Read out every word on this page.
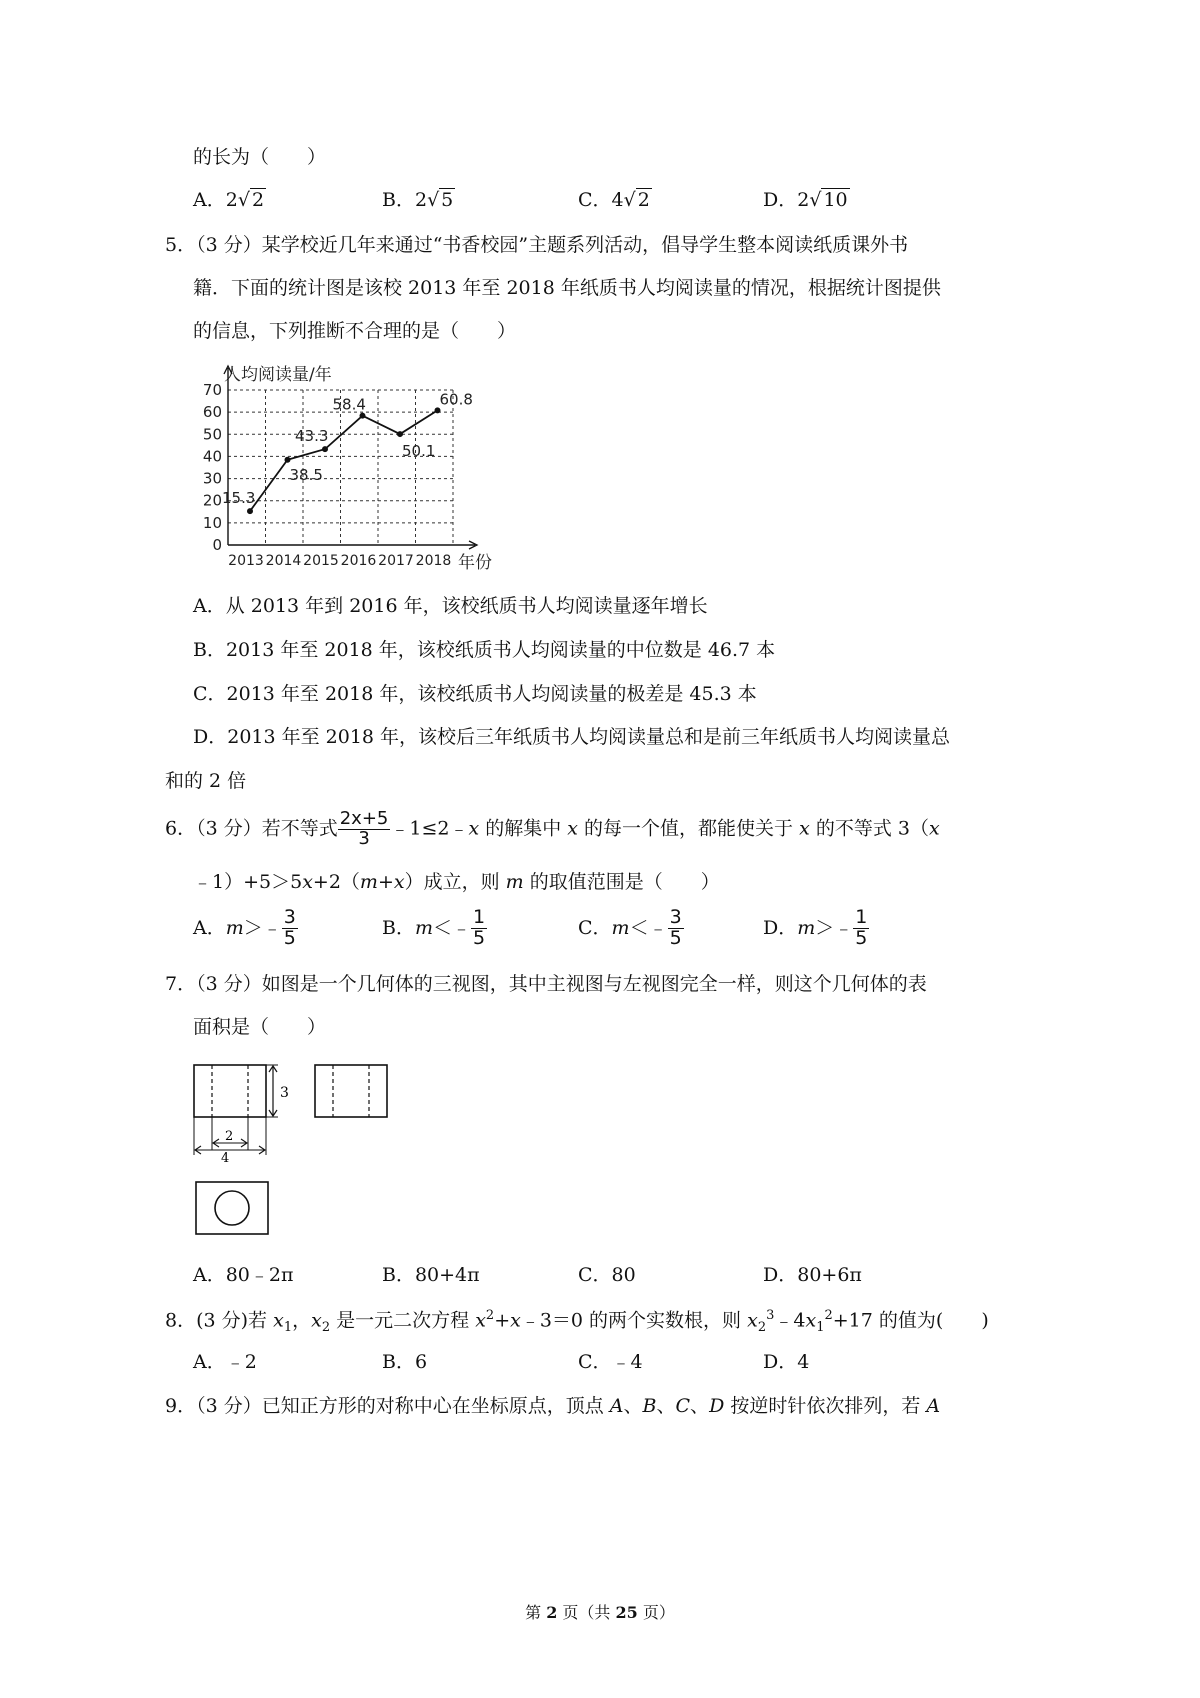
的长为（　　）
A．2√ 2	B．2√ 5	C．4√ 2	D．2√ 10
5．（3 分）某学校近几年来通过“书香校园”主题系列活动，倡导学生整本阅读纸质课外书
籍．下面的统计图是该校 2013 年至 2018 年纸质书人均阅读量的情况，根据统计图提供
的信息，下列推断不合理的是（　　）
人均阅读量/年
年份
0
10
20
30
40
50
60
70
2013 2014 2015 2016 2017 2018
15.3
38.5
43.3
58.4
50.1
60.8
A．从 2013 年到 2016 年，该校纸质书人均阅读量逐年增长
B．2013 年至 2018 年，该校纸质书人均阅读量的中位数是 46.7 本
C．2013 年至 2018 年，该校纸质书人均阅读量的极差是 45.3 本
D．2013 年至 2018 年，该校后三年纸质书人均阅读量总和是前三年纸质书人均阅读量总
和的 2 倍
6．（3 分）若不等式 $\frac{2x+5}{3}$ ﹣1≤2﹣x 的解集中 x 的每一个值，都能使关于 x 的不等式 3（x
﹣1）+5＞5x+2（m+x）成立，则 m 的取值范围是（　　）
A．m＞﹣ $\frac{3}{5}$	B．m＜﹣ $\frac{1}{5}$	C．m＜﹣ $\frac{3}{5}$	D．m＞﹣ $\frac{1}{5}$
7．（3 分）如图是一个几何体的三视图，其中主视图与左视图完全一样，则这个几何体的表
面积是（　　）
3
2
4
A．80﹣2π	B．80+4π	C．80	D．80+6π
8．(3 分)若 $x_1$，$x_2$ 是一元二次方程 $x^2+x﹣3=0$ 的两个实数根，则 $x_2^3﹣4x_1^2+17$ 的值为(　　)
A．﹣2	B．6	C．﹣4	D．4
9．（3 分）已知正方形的对称中心在坐标原点，顶点 A、B、C、D 按逆时针依次排列，若 A
第 2 页（共 25 页）
